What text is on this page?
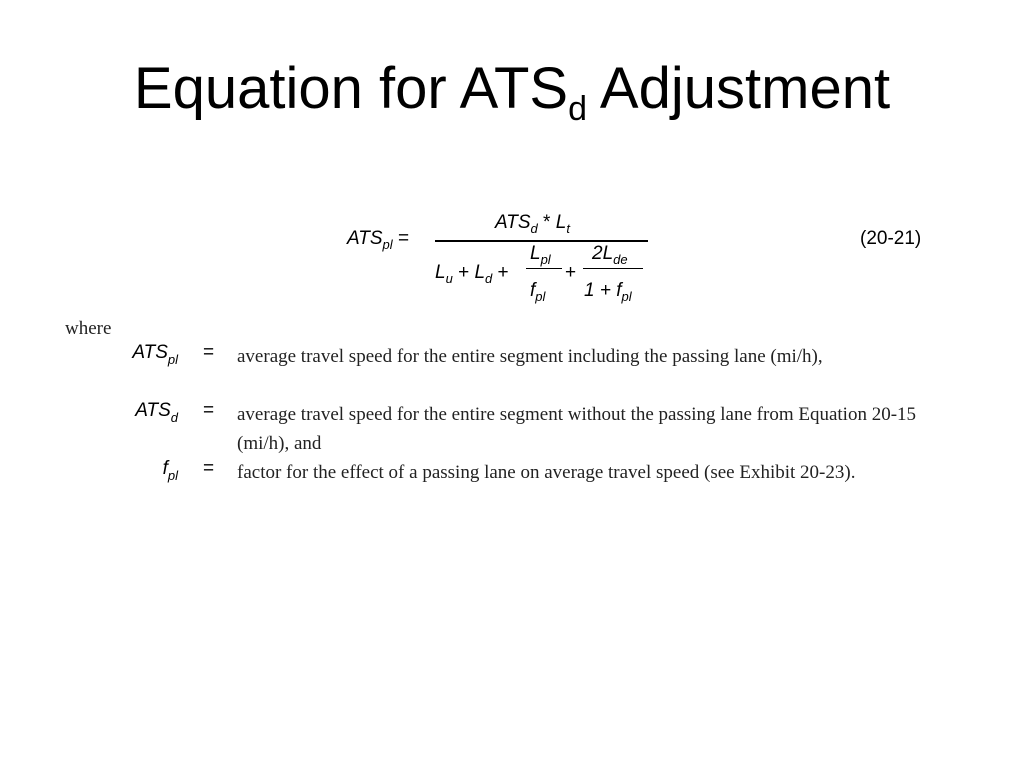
Equation for $ATS_d$ Adjustment
$ATS_{pl}$ =
$ATS_d * L_t$
$L_u + L_d$ +
$L_{pl}$
$f_{pl}$
+
$2L_{de}$
$1 + f_{pl}$
(20-21)
where
$ATS_{pl}$ = average travel speed for the entire segment including the passing lane (mi/h),
$ATS_d$ = average travel speed for the entire segment without the passing lane from Equation 20-15 (mi/h), and
$f_{pl}$ = factor for the effect of a passing lane on average travel speed (see Exhibit 20-23).
